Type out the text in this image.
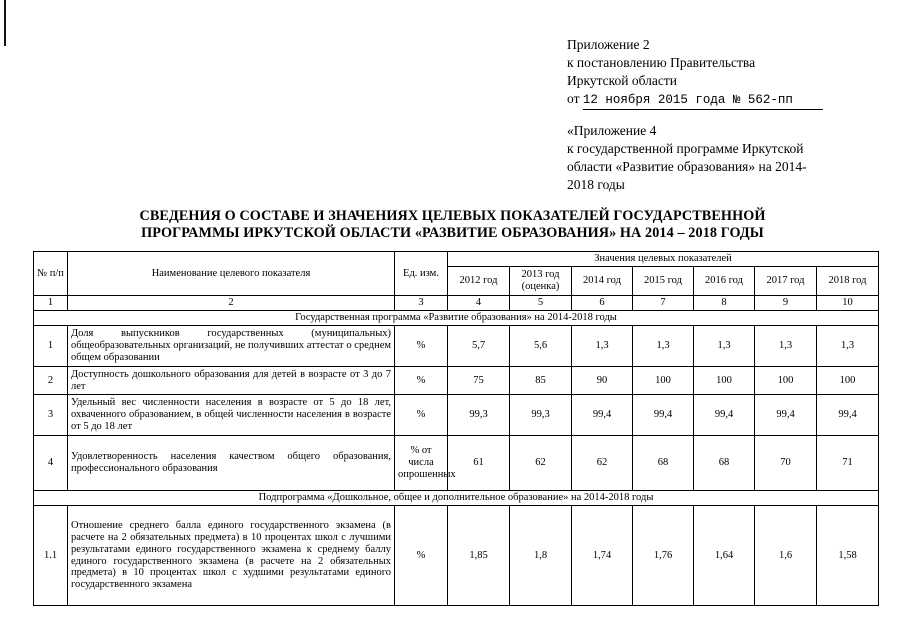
Приложение 2
к постановлению Правительства
Иркутской области
от 12 ноября 2015 года № 562-пп
«Приложение 4
к государственной программе Иркутской
области «Развитие образования» на 2014-
2018 годы
СВЕДЕНИЯ О СОСТАВЕ И ЗНАЧЕНИЯХ ЦЕЛЕВЫХ ПОКАЗАТЕЛЕЙ ГОСУДАРСТВЕННОЙ
ПРОГРАММЫ ИРКУТСКОЙ ОБЛАСТИ «РАЗВИТИЕ ОБРАЗОВАНИЯ» НА 2014 – 2018 ГОДЫ
№ п/п	Наименование целевого показателя	Ед. изм.	Значения целевых показателей						
			2012 год	2013 год (оценка)	2014 год	2015 год	2016 год	2017 год	2018 год
1	2	3	4	5	6	7	8	9	10
Государственная программа «Развитие образования» на 2014-2018 годы									
1	Доля выпускников государственных (муниципальных) общеобразовательных организаций, не получивших аттестат о среднем общем образовании	%	5,7	5,6	1,3	1,3	1,3	1,3	1,3
2	Доступность дошкольного образования для детей в возрасте от 3 до 7 лет	%	75	85	90	100	100	100	100
3	Удельный вес численности населения в возрасте от 5 до 18 лет, охваченного образованием, в общей численности населения в возрасте от 5 до 18 лет	%	99,3	99,3	99,4	99,4	99,4	99,4	99,4
4	Удовлетворенность населения качеством общего образования, профессионального образования	% от числа опрошенных	61	62	62	68	68	70	71
Подпрограмма «Дошкольное, общее и дополнительное образование» на 2014-2018 годы									
1.1	Отношение среднего балла единого государственного экзамена (в расчете на 2 обязательных предмета) в 10 процентах школ с лучшими результатами единого государственного экзамена к среднему баллу единого государственного экзамена (в расчете на 2 обязательных предмета) в 10 процентах школ с худшими результатами единого государственного экзамена	%	1,85	1,8	1,74	1,76	1,64	1,6	1,58
